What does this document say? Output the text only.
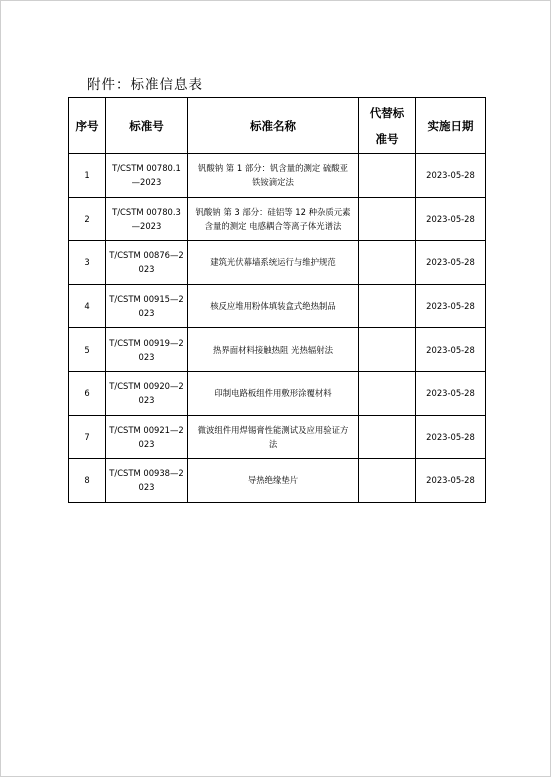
附件：标准信息表
序号	标准号	标准名称	代替标准号	实施日期
1	T/CSTM 00780.1—2023	钒酸钠 第 1 部分：钒含量的测定 硫酸亚铁铵滴定法		2023-05-28
2	T/CSTM 00780.3—2023	钒酸钠 第 3 部分：硅铝等 12 种杂质元素含量的测定 电感耦合等离子体光谱法		2023-05-28
3	T/CSTM 00876—2023	建筑光伏幕墙系统运行与维护规范		2023-05-28
4	T/CSTM 00915—2023	核反应堆用粉体填装盒式绝热制品		2023-05-28
5	T/CSTM 00919—2023	热界面材料接触热阻 光热辐射法		2023-05-28
6	T/CSTM 00920—2023	印制电路板组件用敷形涂覆材料		2023-05-28
7	T/CSTM 00921—2023	微波组件用焊锡膏性能测试及应用验证方法		2023-05-28
8	T/CSTM 00938—2023	导热绝缘垫片		2023-05-28
